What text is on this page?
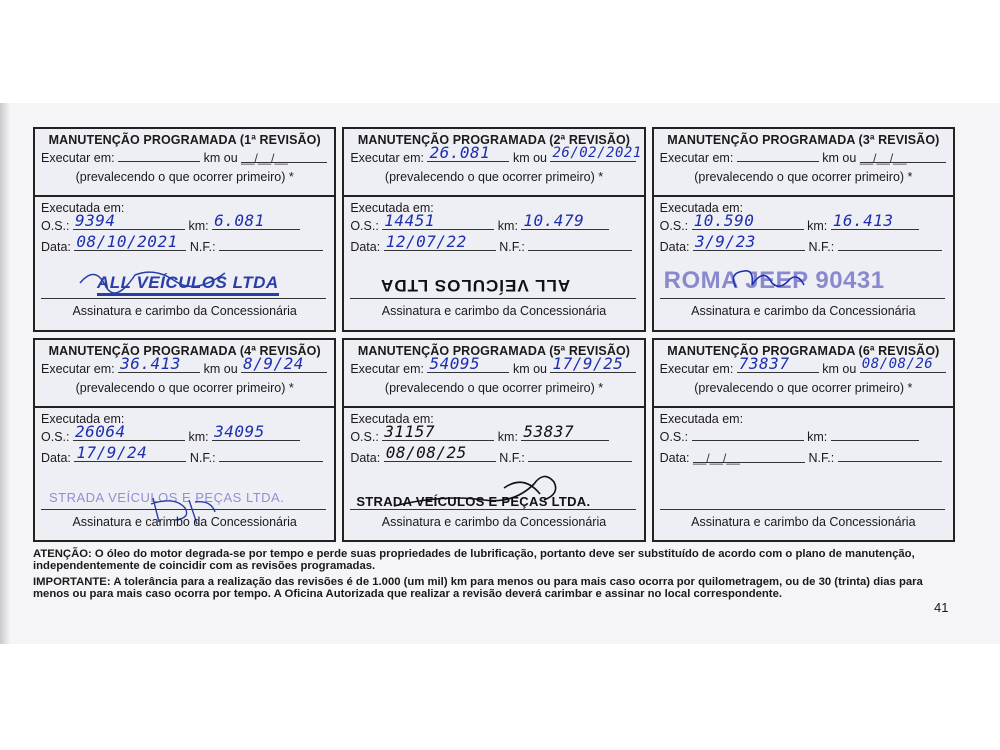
MANUTENÇÃO PROGRAMADA (1ª REVISÃO)
Executar em:	km ou __/__/__
(prevalecendo o que ocorrer primeiro) *
Executada em:
O.S.: 9394	km: 6.081
Data: 08/10/2021 N.F.:
ALL VEÍCULOS LTDA
Assinatura e carimbo da Concessionária
MANUTENÇÃO PROGRAMADA (2ª REVISÃO)
Executar em: 26.081 km ou 26/02/2021
(prevalecendo o que ocorrer primeiro) *
Executada em:
O.S.: 14451	km: 10.479
Data: 12/07/22	N.F.:
ALL VEÍCULOS LTDA
Assinatura e carimbo da Concessionária
MANUTENÇÃO PROGRAMADA (3ª REVISÃO)
Executar em:	km ou __/__/__
(prevalecendo o que ocorrer primeiro) *
Executada em:
O.S.: 10.590	km: 16.413
Data: 3/9/23	N.F.:
ROMA JEEP 90431
Assinatura e carimbo da Concessionária
MANUTENÇÃO PROGRAMADA (4ª REVISÃO)
Executar em: 36.413 km ou 8/9/24
(prevalecendo o que ocorrer primeiro) *
Executada em:
O.S.: 26064	km: 34095
Data: 17/9/24	N.F.:
STRADA VEÍCULOS E PEÇAS LTDA.
Assinatura e carimbo da Concessionária
MANUTENÇÃO PROGRAMADA (5ª REVISÃO)
Executar em: 54095	km ou 17/9/25
(prevalecendo o que ocorrer primeiro) *
Executada em:
O.S.: 31157	km: 53837
Data: 08/08/25	N.F.:
STRADA VEÍCULOS E PEÇAS LTDA.
Assinatura e carimbo da Concessionária
MANUTENÇÃO PROGRAMADA (6ª REVISÃO)
Executar em: 73837	km ou 08/08/26
(prevalecendo o que ocorrer primeiro) *
Executada em:
O.S.:	km:
Data: __/__/__	N.F.:
Assinatura e carimbo da Concessionária

ATENÇÃO: O óleo do motor degrada-se por tempo e perde suas propriedades de lubrificação, portanto deve ser substituído de acordo com o plano de manutenção, independentemente de coincidir com as revisões programadas.

IMPORTANTE: A tolerância para a realização das revisões é de 1.000 (um mil) km para menos ou para mais caso ocorra por quilometragem, ou de 30 (trinta) dias para menos ou para mais caso ocorra por tempo. A Oficina Autorizada que realizar a revisão deverá carimbar e assinar no local correspondente.

41
